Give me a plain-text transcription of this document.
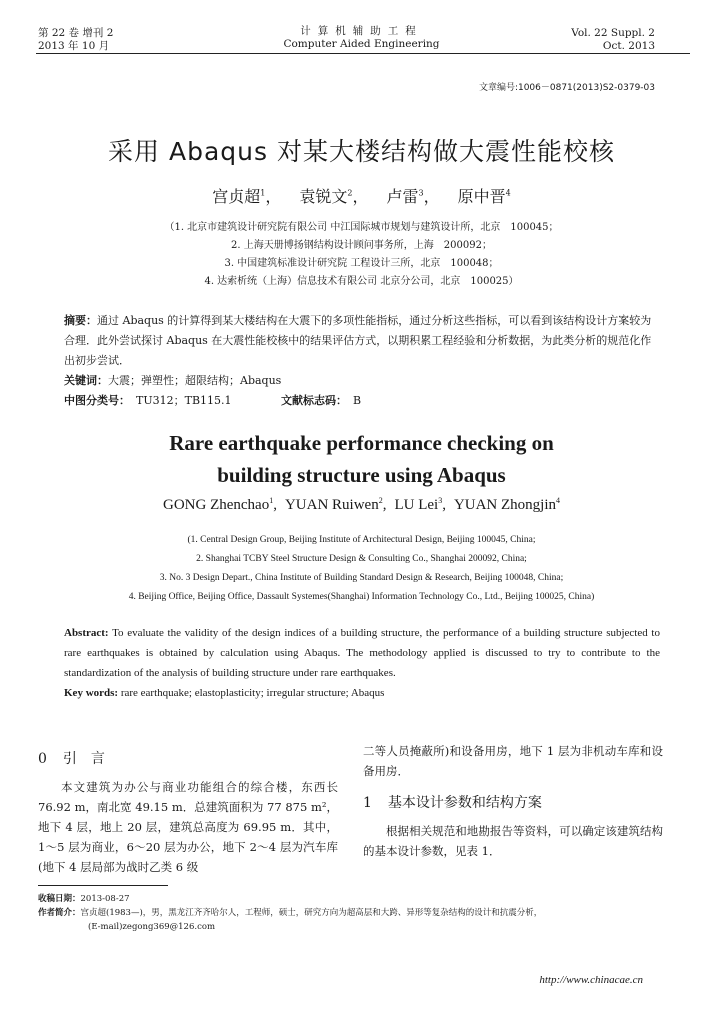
第 22 卷 增刊 2
2013 年 10 月
计算机辅助工程
Computer Aided Engineering
Vol. 22 Suppl. 2
Oct. 2013
文章编号:1006－0871(2013)S2-0379-03
采用 Abaqus 对某大楼结构做大震性能校核
宫贞超$^1$， 袁锐文$^2$， 卢雷$^3$， 原中晋$^4$
（1. 北京市建筑设计研究院有限公司 中江国际城市规划与建筑设计所，北京　100045；
2. 上海天册博扬钢结构设计顾问事务所，上海　200092；
3. 中国建筑标准设计研究院 工程设计三所，北京　100048；
4. 达索析统（上海）信息技术有限公司 北京分公司，北京　100025）
摘要：通过 Abaqus 的计算得到某大楼结构在大震下的多项性能指标，通过分析这些指标，可以看到该结构设计方案较为合理．此外尝试探讨 Abaqus 在大震性能校核中的结果评估方式，以期积累工程经验和分析数据，为此类分析的规范化作出初步尝试．
关键词：大震；弹塑性；超限结构；Abaqus
中图分类号： TU312；TB115.1	文献标志码： B
Rare earthquake performance checking on
building structure using Abaqus
GONG Zhenchao$^1$, YUAN Ruiwen$^2$, LU Lei$^3$, YUAN Zhongjin$^4$
(1. Central Design Group, Beijing Institute of Architectural Design, Beijing 100045, China;
2. Shanghai TCBY Steel Structure Design & Consulting Co., Shanghai 200092, China;
3. No. 3 Design Depart., China Institute of Building Standard Design & Research, Beijing 100048, China;
4. Beijing Office, Beijing Office, Dassault Systemes(Shanghai) Information Technology Co., Ltd., Beijing 100025, China)
Abstract: To evaluate the validity of the design indices of a building structure, the performance of a building structure subjected to rare earthquakes is obtained by calculation using Abaqus. The methodology applied is discussed to try to contribute to the standardization of the analysis of building structure under rare earthquakes.
Key words: rare earthquake; elastoplasticity; irregular structure; Abaqus
0 引　言

本文建筑为办公与商业功能组合的综合楼，东西长 76.92 m，南北宽 49.15 m．总建筑面积为 77 875 m²，地下 4 层，地上 20 层，建筑总高度为 69.95 m．其中，1～5 层为商业，6～20 层为办公，地下 2～4 层为汽车库(地下 4 层局部为战时乙类 6 级

二等人员掩蔽所)和设备用房，地下 1 层为非机动车库和设备用房．

1 基本设计参数和结构方案

根据相关规范和地勘报告等资料，可以确定该建筑结构的基本设计参数，见表 1．

收稿日期：2013-08-27
作者简介：宫贞超(1983—)，男，黑龙江齐齐哈尔人，工程师，硕士，研究方向为超高层和大跨、异形等复杂结构的设计和抗震分析，
(E-mail)zegong369@126.com
http://www.chinacae.cn
